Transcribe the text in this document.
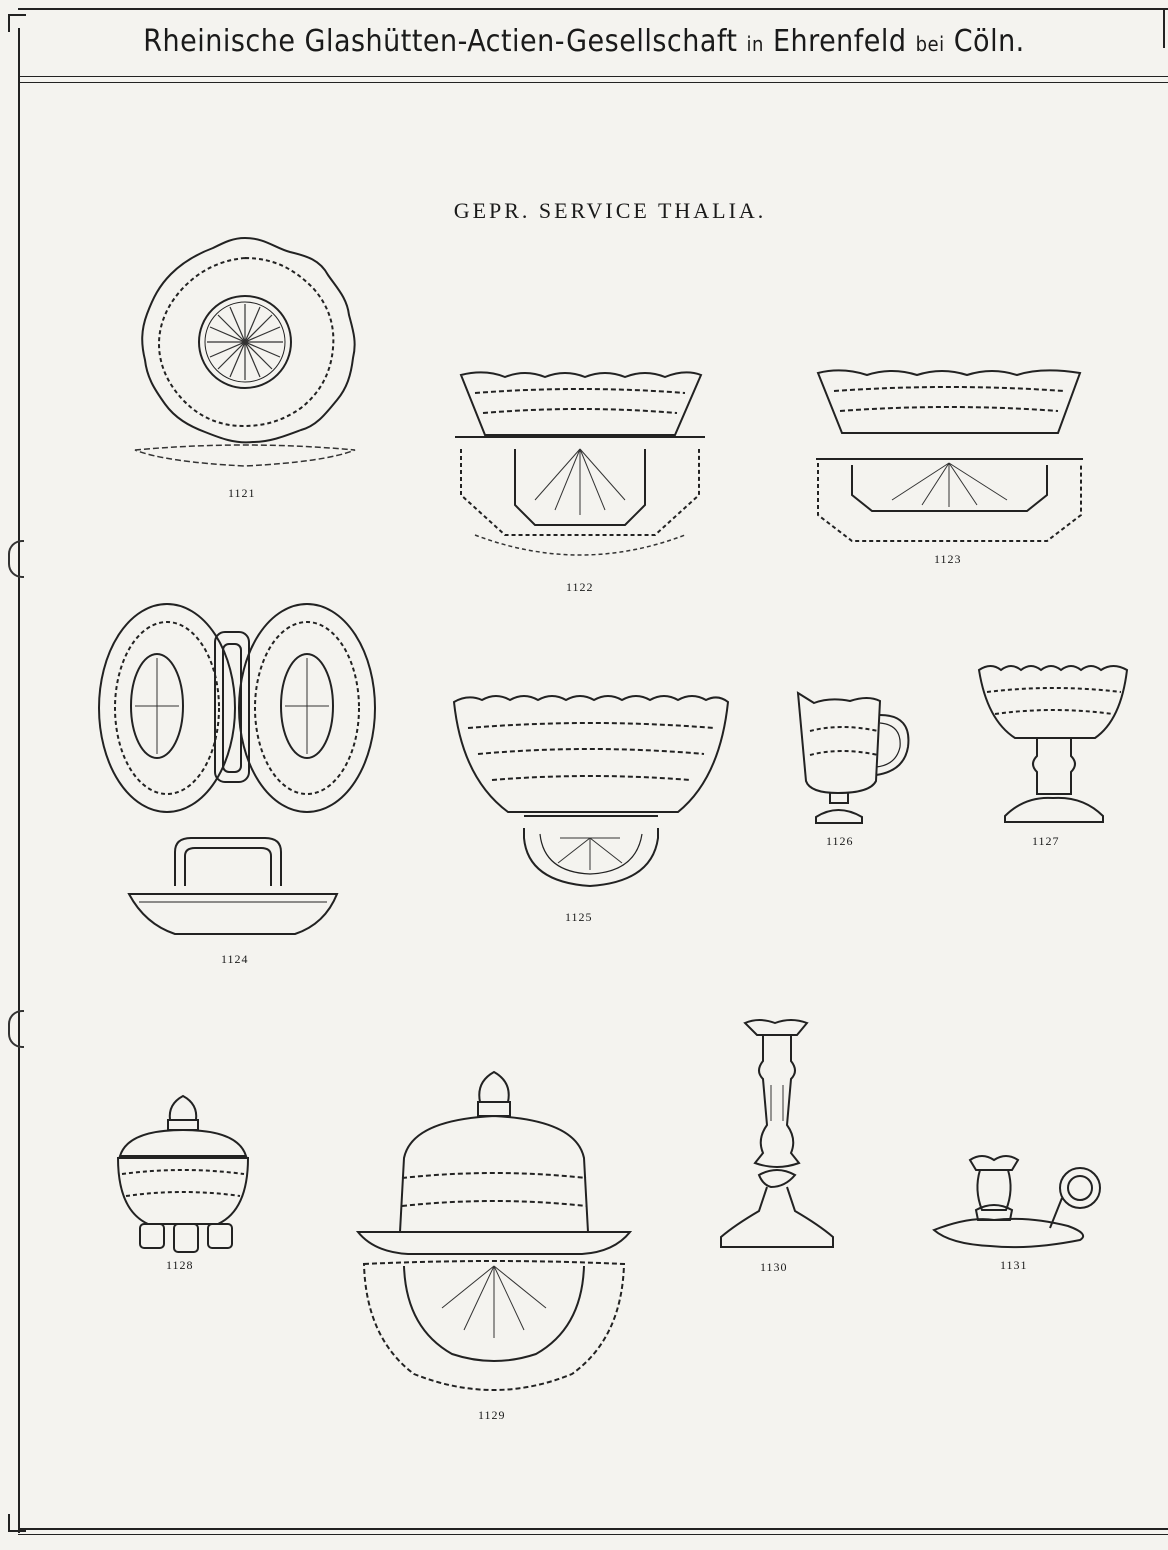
Rheinische Glashütten-Actien-Gesellschaft in Ehrenfeld bei Cöln.
GEPR. SERVICE THALIA.
1121
1122
1123
1124
1125
1126	1127
1128
1129
1130	1131
